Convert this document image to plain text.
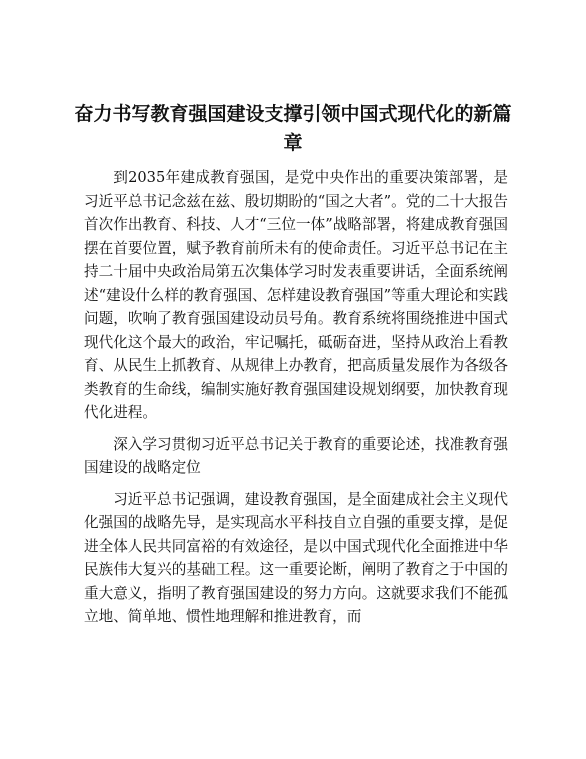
奋力书写教育强国建设支撑引领中国式现代化的新篇章

到2035年建成教育强国，是党中央作出的重要决策部署，是习近平总书记念兹在兹、殷切期盼的“国之大者”。党的二十大报告首次作出教育、科技、人才“三位一体”战略部署，将建成教育强国摆在首要位置，赋予教育前所未有的使命责任。习近平总书记在主持二十届中央政治局第五次集体学习时发表重要讲话，全面系统阐述“建设什么样的教育强国、怎样建设教育强国”等重大理论和实践问题，吹响了教育强国建设动员号角。教育系统将围绕推进中国式现代化这个最大的政治，牢记嘱托，砥砺奋进，坚持从政治上看教育、从民生上抓教育、从规律上办教育，把高质量发展作为各级各类教育的生命线，编制实施好教育强国建设规划纲要，加快教育现代化进程。

深入学习贯彻习近平总书记关于教育的重要论述，找准教育强国建设的战略定位

习近平总书记强调，建设教育强国，是全面建成社会主义现代化强国的战略先导，是实现高水平科技自立自强的重要支撑，是促进全体人民共同富裕的有效途径，是以中国式现代化全面推进中华民族伟大复兴的基础工程。这一重要论断，阐明了教育之于中国的重大意义，指明了教育强国建设的努力方向。这就要求我们不能孤立地、简单地、惯性地理解和推进教育，而
